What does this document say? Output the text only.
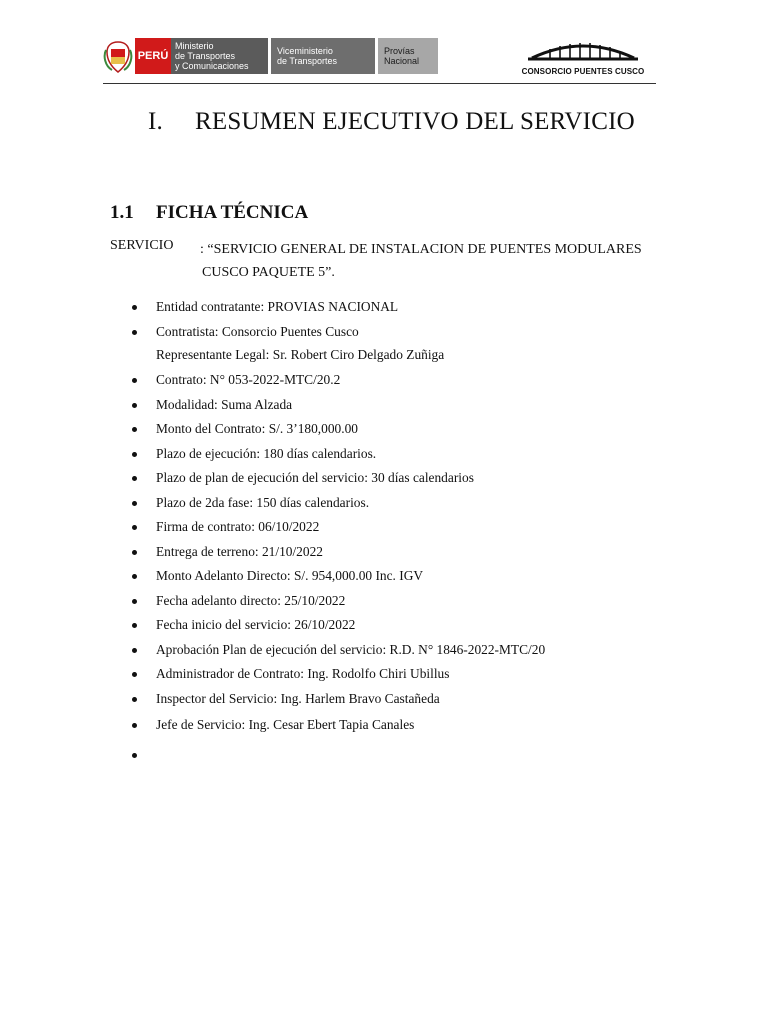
PERÚ
Ministerio
de Transportes
y Comunicaciones
Viceministerio
de Transportes
Provías
Nacional
CONSORCIO PUENTES CUSCO
I. RESUMEN EJECUTIVO DEL SERVICIO
1.1 FICHA TÉCNICA
SERVICIO : “SERVICIO GENERAL DE INSTALACION DE PUENTES MODULARES
CUSCO PAQUETE 5”.
Entidad contratante: PROVIAS NACIONAL
Contratista: Consorcio Puentes Cusco
Representante Legal: Sr. Robert Ciro Delgado Zuñiga
Contrato: N° 053-2022-MTC/20.2
Modalidad: Suma Alzada
Monto del Contrato: S/. 3’180,000.00
Plazo de ejecución: 180 días calendarios.
Plazo de plan de ejecución del servicio: 30 días calendarios
Plazo de 2da fase: 150 días calendarios.
Firma de contrato: 06/10/2022
Entrega de terreno: 21/10/2022
Monto Adelanto Directo: S/. 954,000.00 Inc. IGV
Fecha adelanto directo: 25/10/2022
Fecha inicio del servicio: 26/10/2022
Aprobación Plan de ejecución del servicio: R.D. N° 1846-2022-MTC/20
Administrador de Contrato: Ing. Rodolfo Chiri Ubillus
Inspector del Servicio: Ing. Harlem Bravo Castañeda
Jefe de Servicio: Ing. Cesar Ebert Tapia Canales
